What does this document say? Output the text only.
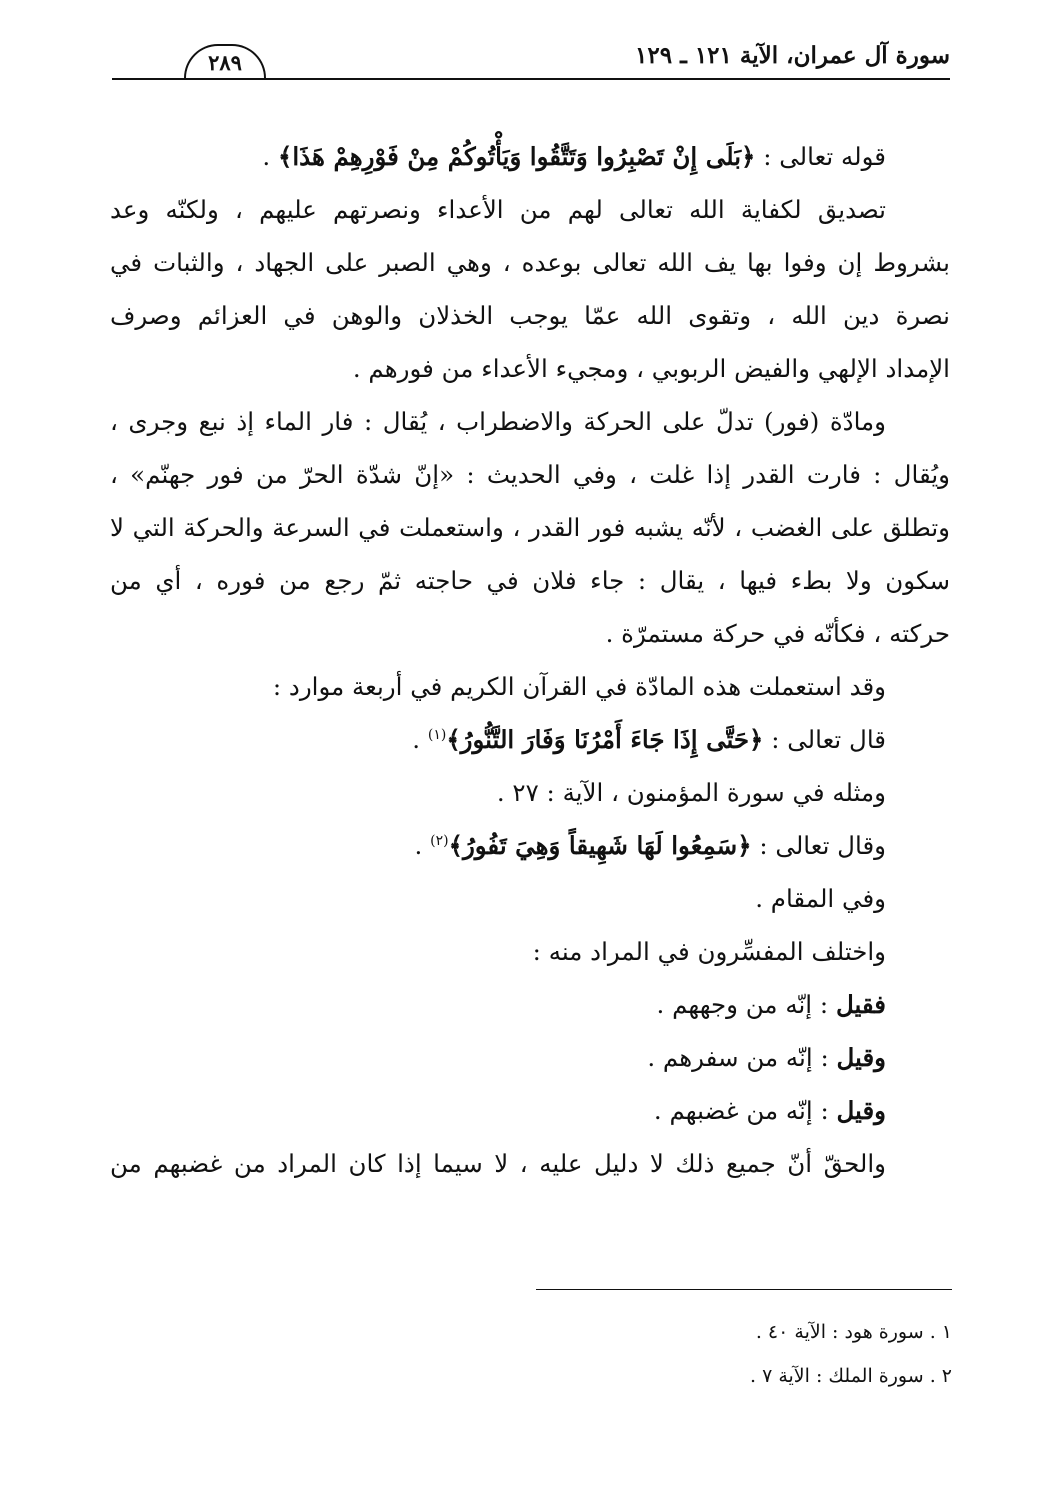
سورة آل عمران، الآية ١٢١ ـ ١٢٩
٢٨٩
قوله تعالى : ﴿بَلَى إِنْ تَصْبِرُوا وَتَتَّقُوا وَيَأْتُوكُمْ مِنْ فَوْرِهِمْ هَذَا﴾ .
تصديق لكفاية الله تعالى لهم من الأعداء ونصرتهم عليهم ، ولكنّه وعد
بشروط إن وفوا بها يف الله تعالى بوعده ، وهي الصبر على الجهاد ، والثبات في
نصرة دين الله ، وتقوى الله عمّا يوجب الخذلان والوهن في العزائم وصرف
الإمداد الإلهي والفيض الربوبي ، ومجيء الأعداء من فورهم .
ومادّة (فور) تدلّ على الحركة والاضطراب ، يُقال : فار الماء إذ نبع وجرى ،
ويُقال : فارت القدر إذا غلت ، وفي الحديث : «إنّ شدّة الحرّ من فور جهنّم» ،
وتطلق على الغضب ، لأنّه يشبه فور القدر ، واستعملت في السرعة والحركة التي لا
سكون ولا بطء فيها ، يقال : جاء فلان في حاجته ثمّ رجع من فوره ، أي من
حركته ، فكأنّه في حركة مستمرّة .
وقد استعملت هذه المادّة في القرآن الكريم في أربعة موارد :
قال تعالى : ﴿حَتَّى إِذَا جَاءَ أَمْرُنَا وَفَارَ التَّنُّورُ﴾$^{(١)}$ .
ومثله في سورة المؤمنون ، الآية : ٢٧ .
وقال تعالى : ﴿سَمِعُوا لَهَا شَهِيقاً وَهِيَ تَفُورُ﴾$^{(٢)}$ .
وفي المقام .
واختلف المفسِّرون في المراد منه :
فقيل : إنّه من وجههم .
وقيل : إنّه من سفرهم .
وقيل : إنّه من غضبهم .
والحقّ أنّ جميع ذلك لا دليل عليه ، لا سيما إذا كان المراد من غضبهم من
١ . سورة هود : الآية ٤٠ .
٢ . سورة الملك : الآية ٧ .
